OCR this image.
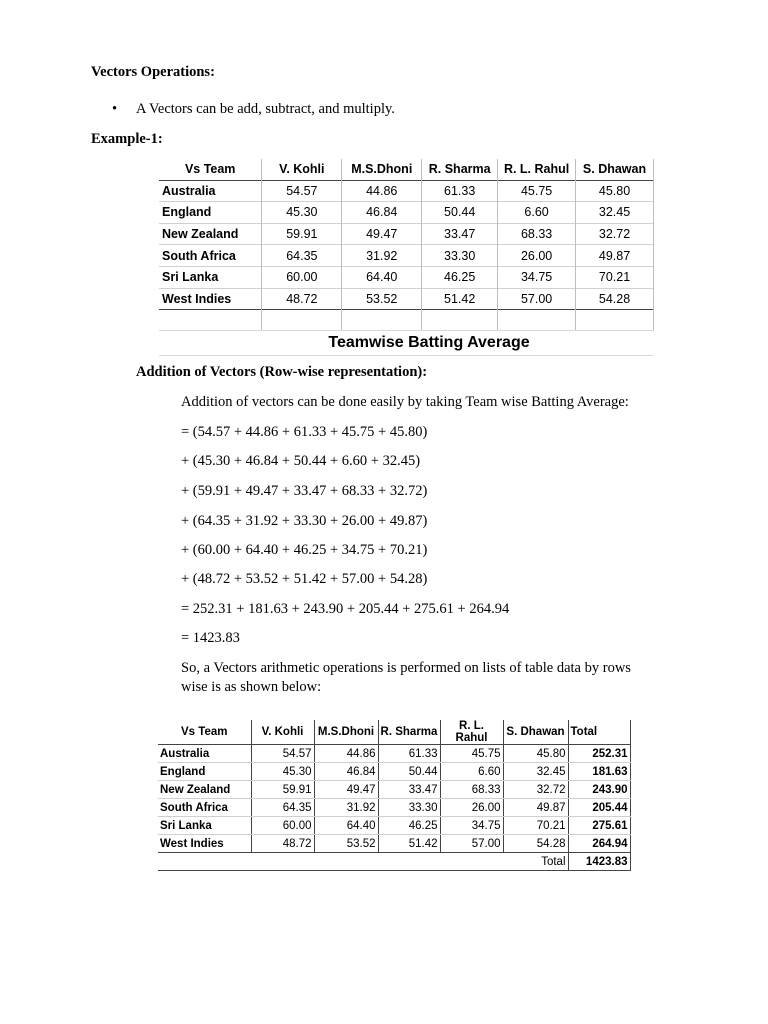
Vectors Operations:
• A Vectors can be add, subtract, and multiply.
Example-1:
Vs Team	V. Kohli	M.S.Dhoni	R. Sharma	R. L. Rahul	S. Dhawan
Australia	54.57	44.86	61.33	45.75	45.80
England	45.30	46.84	50.44	6.60	32.45
New Zealand	59.91	49.47	33.47	68.33	32.72
South Africa	64.35	31.92	33.30	26.00	49.87
Sri Lanka	60.00	64.40	46.25	34.75	70.21
West Indies	48.72	53.52	51.42	57.00	54.28

Teamwise Batting Average
Addition of Vectors (Row-wise representation):
Addition of vectors can be done easily by taking Team wise Batting Average:
= (54.57 + 44.86 + 61.33 + 45.75 + 45.80)
+ (45.30 + 46.84 + 50.44 + 6.60 + 32.45)
+ (59.91 + 49.47 + 33.47 + 68.33 + 32.72)
+ (64.35 + 31.92 + 33.30 + 26.00 + 49.87)
+ (60.00 + 64.40 + 46.25 + 34.75 + 70.21)
+ (48.72 + 53.52 + 51.42 + 57.00 + 54.28)
= 252.31 + 181.63 + 243.90 + 205.44 + 275.61 + 264.94
= 1423.83
So, a Vectors arithmetic operations is performed on lists of table data by rows wise is as shown below:
Vs Team	V. Kohli	M.S.Dhoni	R. Sharma	R. L. Rahul	S. Dhawan	Total
Australia	54.57	44.86	61.33	45.75	45.80	252.31
England	45.30	46.84	50.44	6.60	32.45	181.63
New Zealand	59.91	49.47	33.47	68.33	32.72	243.90
South Africa	64.35	31.92	33.30	26.00	49.87	205.44
Sri Lanka	60.00	64.40	46.25	34.75	70.21	275.61
West Indies	48.72	53.52	51.42	57.00	54.28	264.94
					Total	1423.83
